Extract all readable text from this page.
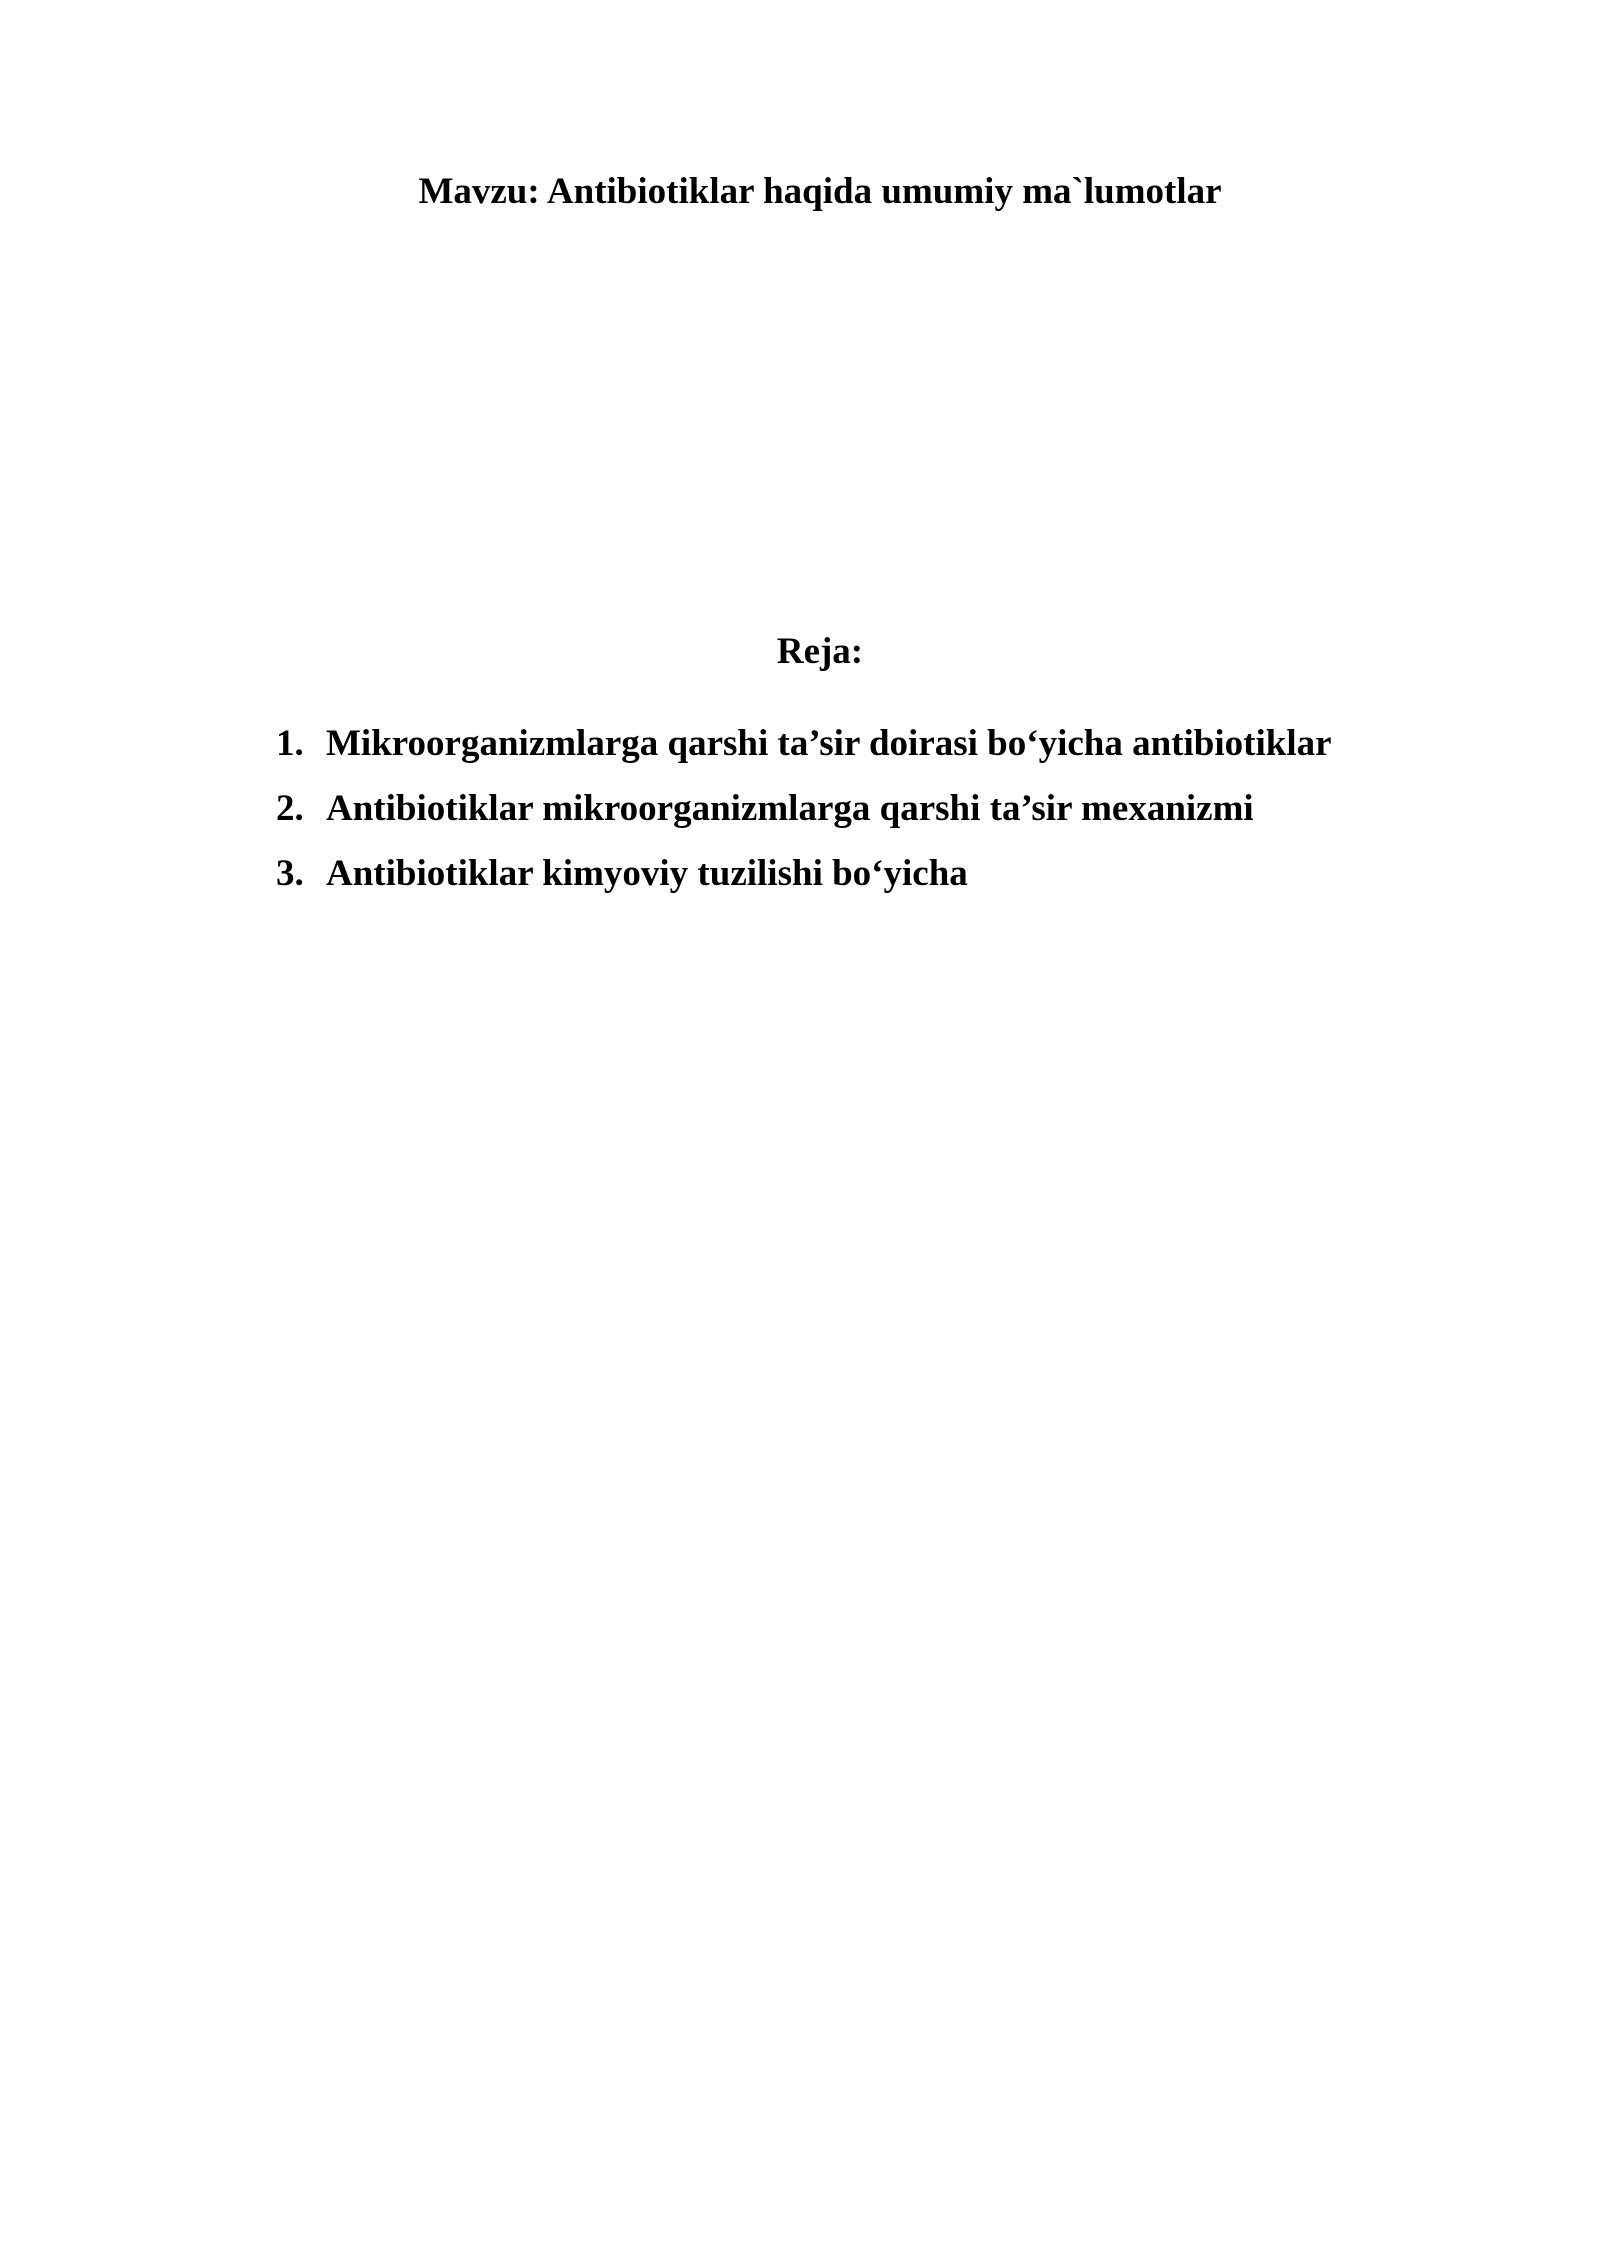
Mavzu: Antibiotiklar haqida umumiy ma`lumotlar
Reja:
1. Mikroorganizmlarga qarshi ta’sir doirasi bo‘yicha antibiotiklar
2. Antibiotiklar mikroorganizmlarga qarshi ta’sir mexanizmi
3. Antibiotiklar kimyoviy tuzilishi bo‘yicha
